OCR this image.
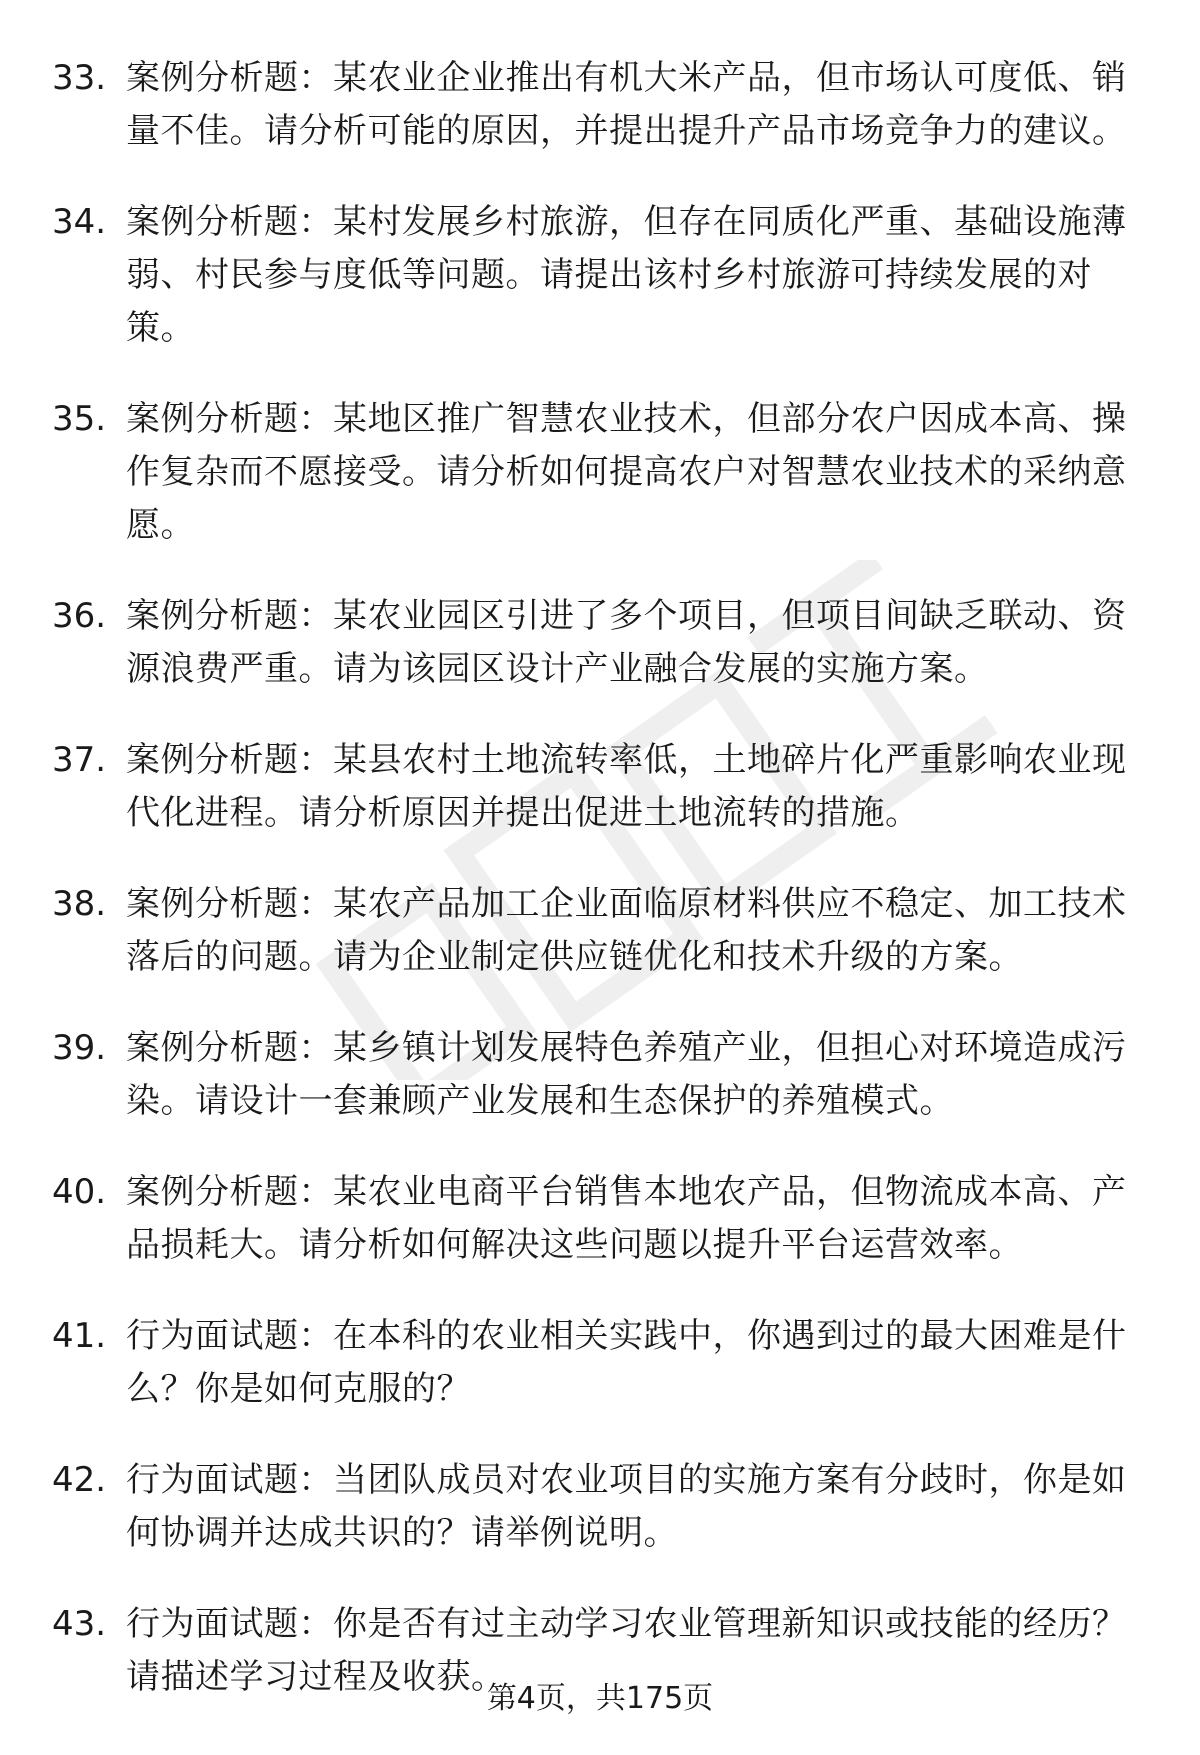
33. 案例分析题：某农业企业推出有机大米产品，但市场认可度低、销量不佳。请分析可能的原因，并提出提升产品市场竞争力的建议。
34. 案例分析题：某村发展乡村旅游，但存在同质化严重、基础设施薄弱、村民参与度低等问题。请提出该村乡村旅游可持续发展的对策。
35. 案例分析题：某地区推广智慧农业技术，但部分农户因成本高、操作复杂而不愿接受。请分析如何提高农户对智慧农业技术的采纳意愿。
36. 案例分析题：某农业园区引进了多个项目，但项目间缺乏联动、资源浪费严重。请为该园区设计产业融合发展的实施方案。
37. 案例分析题：某县农村土地流转率低，土地碎片化严重影响农业现代化进程。请分析原因并提出促进土地流转的措施。
38. 案例分析题：某农产品加工企业面临原材料供应不稳定、加工技术落后的问题。请为企业制定供应链优化和技术升级的方案。
39. 案例分析题：某乡镇计划发展特色养殖产业，但担心对环境造成污染。请设计一套兼顾产业发展和生态保护的养殖模式。
40. 案例分析题：某农业电商平台销售本地农产品，但物流成本高、产品损耗大。请分析如何解决这些问题以提升平台运营效率。
41. 行为面试题：在本科的农业相关实践中，你遇到过的最大困难是什么？你是如何克服的？
42. 行为面试题：当团队成员对农业项目的实施方案有分歧时，你是如何协调并达成共识的？请举例说明。
43. 行为面试题：你是否有过主动学习农业管理新知识或技能的经历？请描述学习过程及收获。
第4页，共175页
